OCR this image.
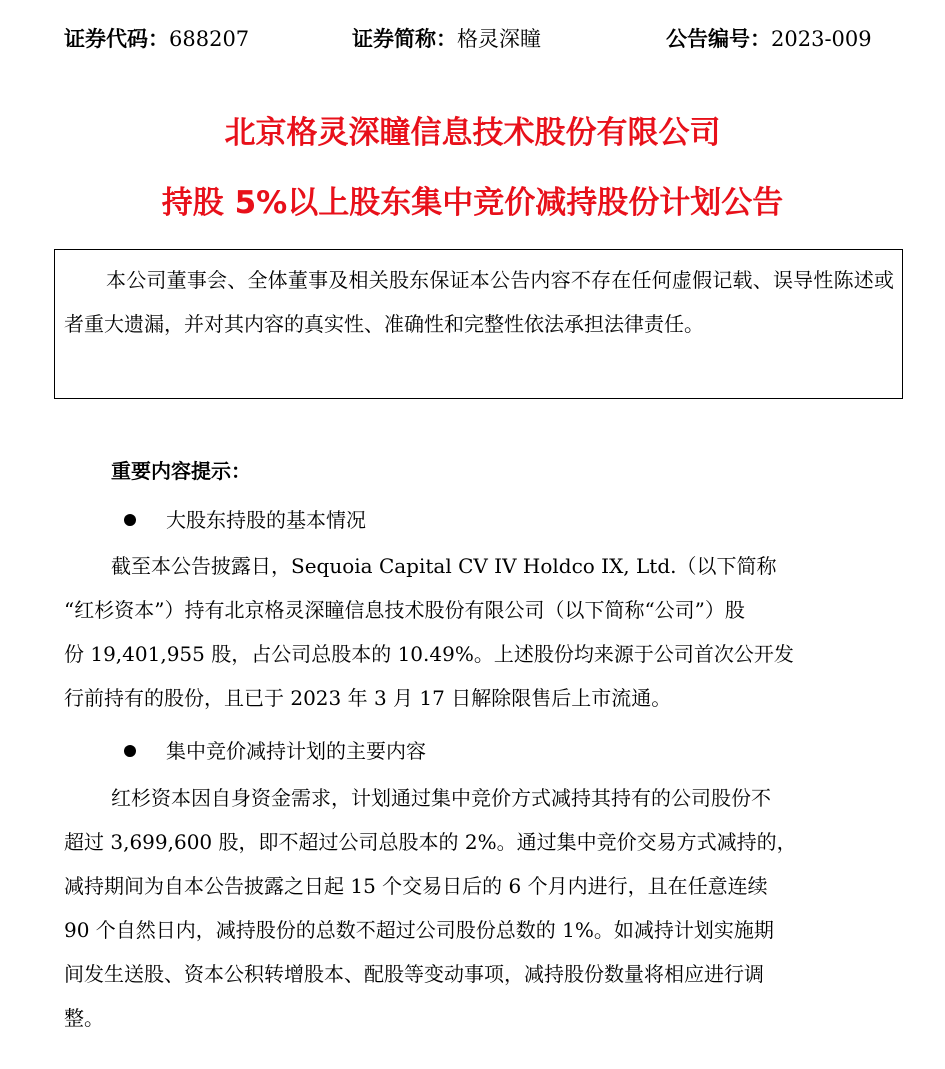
证券代码：688207	证券简称：格灵深瞳	公告编号：2023-009
北京格灵深瞳信息技术股份有限公司
持股 5%以上股东集中竞价减持股份计划公告
本公司董事会、全体董事及相关股东保证本公告内容不存在任何虚假记载、误导性陈述或者重大遗漏，并对其内容的真实性、准确性和完整性依法承担法律责任。
重要内容提示：
大股东持股的基本情况
截至本公告披露日，Sequoia Capital CV IV Holdco IX, Ltd.（以下简称
“红杉资本”）持有北京格灵深瞳信息技术股份有限公司（以下简称“公司”）股
份 19,401,955 股，占公司总股本的 10.49%。上述股份均来源于公司首次公开发
行前持有的股份，且已于 2023 年 3 月 17 日解除限售后上市流通。
集中竞价减持计划的主要内容
红杉资本因自身资金需求，计划通过集中竞价方式减持其持有的公司股份不
超过 3,699,600 股，即不超过公司总股本的 2%。通过集中竞价交易方式减持的，
减持期间为自本公告披露之日起 15 个交易日后的 6 个月内进行，且在任意连续
90 个自然日内，减持股份的总数不超过公司股份总数的 1%。如减持计划实施期
间发生送股、资本公积转增股本、配股等变动事项，减持股份数量将相应进行调
整。
